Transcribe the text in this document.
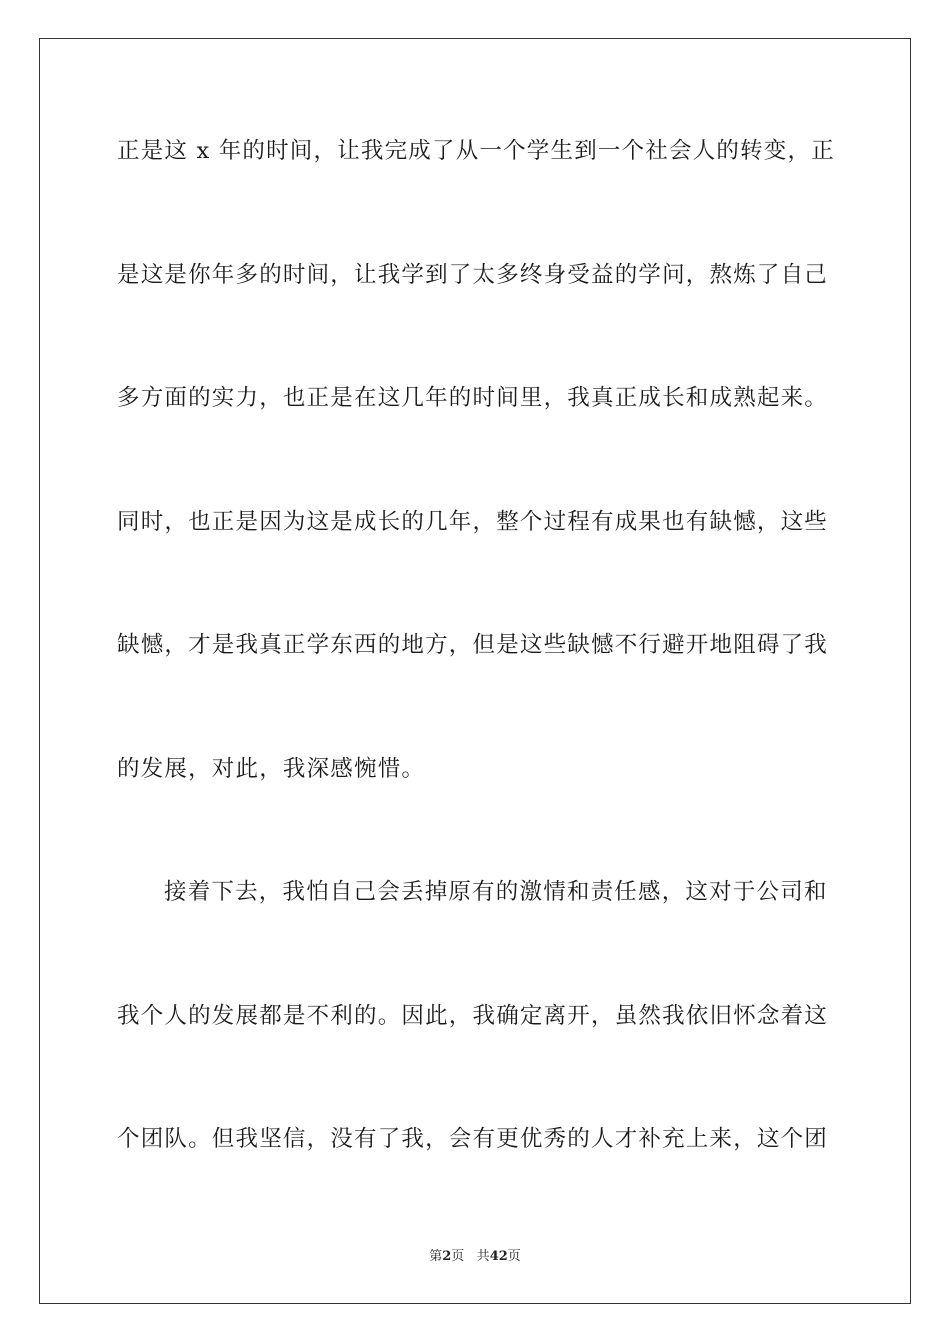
正是这 x 年的时间，让我完成了从一个学生到一个社会人的转变，正
是这是你年多的时间，让我学到了太多终身受益的学问，熬炼了自己
多方面的实力，也正是在这几年的时间里，我真正成长和成熟起来。
同时，也正是因为这是成长的几年，整个过程有成果也有缺憾，这些
缺憾，才是我真正学东西的地方，但是这些缺憾不行避开地阻碍了我
的发展，对此，我深感惋惜。
接着下去，我怕自己会丢掉原有的激情和责任感，这对于公司和
我个人的发展都是不利的。因此，我确定离开，虽然我依旧怀念着这
个团队。但我坚信，没有了我，会有更优秀的人才补充上来，这个团
第2页 共42页
